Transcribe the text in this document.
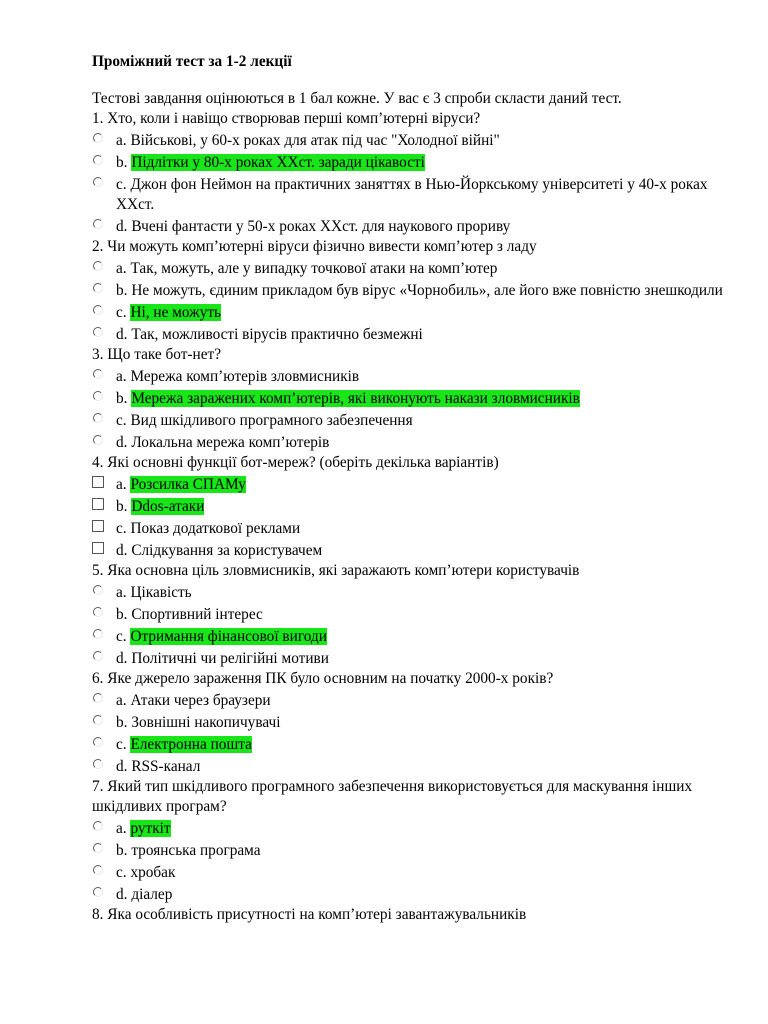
Проміжний тест за 1-2 лекції
Тестові завдання оцінюються в 1 бал кожне. У вас є 3 спроби скласти даний тест.
1. Хто, коли і навіщо створював перші комп’ютерні віруси?
a. Військові, у 60-х роках для атак під час "Холодної війні"
b. Підлітки у 80-х роках ХХст. заради цікавості
c. Джон фон Неймон на практичних заняттях в Нью-Йоркському університеті у 40-х роках ХХст.
d. Вчені фантасти у 50-х роках ХХст. для наукового прориву
2. Чи можуть комп’ютерні віруси фізично вивести комп’ютер з ладу
a. Так, можуть, але у випадку точкової атаки на комп’ютер
b. Не можуть, єдиним прикладом був вірус «Чорнобиль», але його вже повністю знешкодили
c. Ні, не можуть
d. Так, можливості вірусів практично безмежні
3. Що таке бот-нет?
a. Мережа комп’ютерів зловмисників
b. Мережа заражених комп’ютерів, які виконують накази зловмисників
c. Вид шкідливого програмного забезпечення
d. Локальна мережа комп’ютерів
4. Які основні функції бот-мереж? (оберіть декілька варіантів)
a. Розсилка СПАМу
b. Ddos-атаки
c. Показ додаткової реклами
d. Слідкування за користувачем
5. Яка основна ціль зловмисників, які заражають комп’ютери користувачів
a. Цікавість
b. Спортивний інтерес
c. Отримання фінансової вигоди
d. Політичні чи релігійні мотиви
6. Яке джерело зараження ПК було основним на початку 2000-х років?
a. Атаки через браузери
b. Зовнішні накопичувачі
c. Електронна пошта
d. RSS-канал
7. Який тип шкідливого програмного забезпечення використовується для маскування інших шкідливих програм?
a. руткіт
b. троянська програма
c. хробак
d. діалер
8. Яка особливість присутності на комп’ютері завантажувальників
